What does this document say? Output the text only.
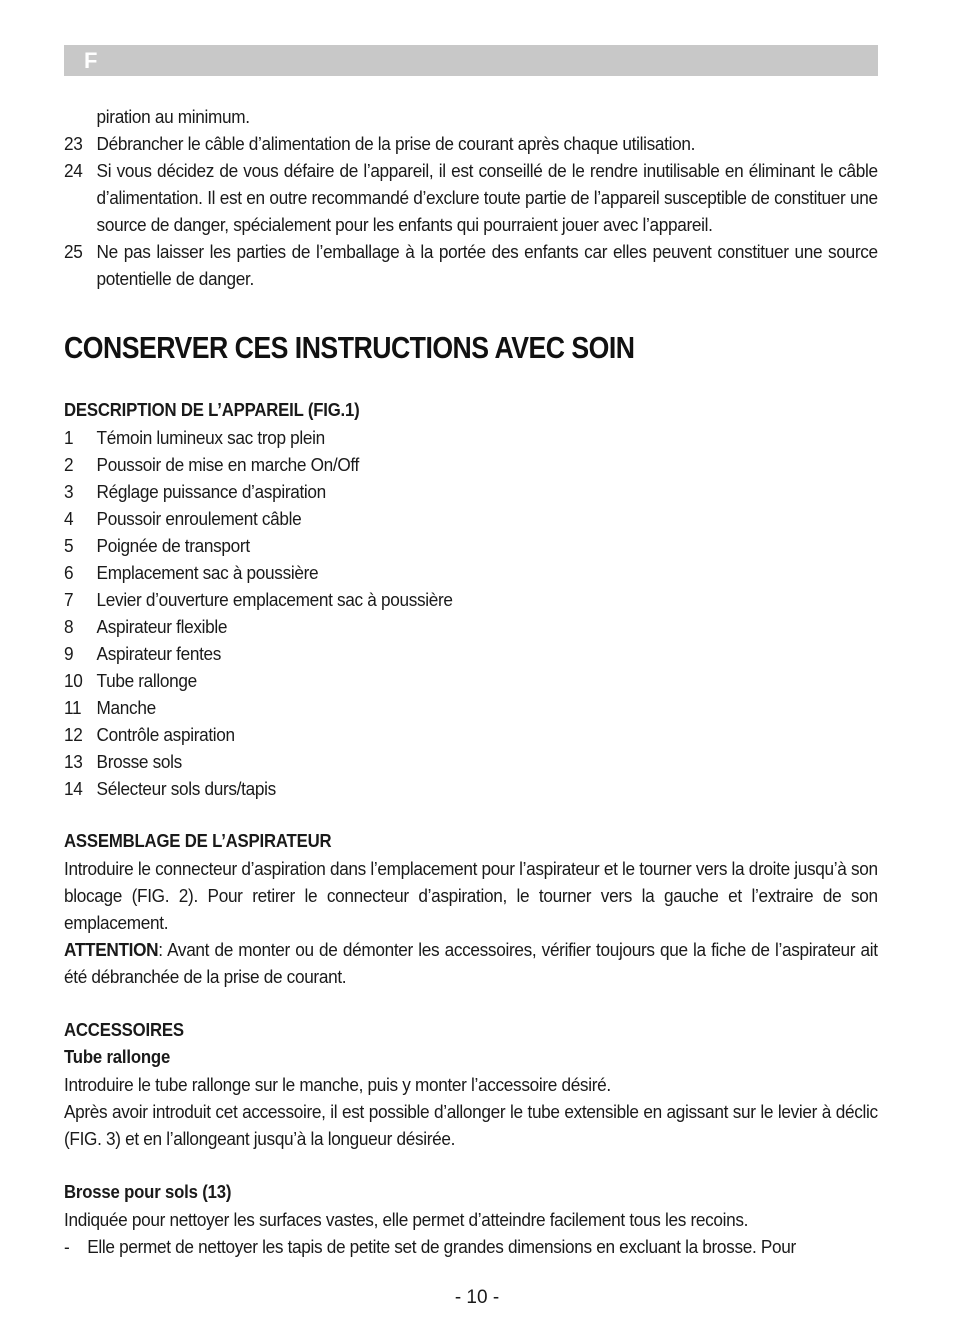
F
piration au minimum.
23 Débrancher le câble d’alimentation de la prise de courant après chaque utilisation.
24 Si vous décidez de vous défaire de l’appareil, il est conseillé de le rendre inutilisable en éliminant le câble d’alimentation. Il est en outre recommandé d’exclure toute partie de l’appareil susceptible de constituer une source de danger, spécialement pour les enfants qui pourraient jouer avec l’appareil.
25 Ne pas laisser les parties de l’emballage à la portée des enfants car elles peuvent constituer une source potentielle de danger.
CONSERVER CES INSTRUCTIONS AVEC SOIN
DESCRIPTION DE L’APPAREIL (FIG.1)
1	Témoin lumineux sac trop plein
2	Poussoir de mise en marche On/Off
3	Réglage puissance d’aspiration
4	Poussoir enroulement câble
5	Poignée de transport
6	Emplacement sac à poussière
7	Levier d’ouverture emplacement sac à poussière
8	Aspirateur flexible
9	Aspirateur fentes
10 Tube rallonge
11 Manche
12 Contrôle aspiration
13 Brosse sols
14 Sélecteur sols durs/tapis
ASSEMBLAGE DE L’ASPIRATEUR
Introduire le connecteur d’aspiration dans l’emplacement pour l’aspirateur et le tourner vers la droite jusqu’à son blocage (FIG. 2). Pour retirer le connecteur d’aspiration, le tourner vers la gauche et l’extraire de son emplacement.
ATTENTION: Avant de monter ou de démonter les accessoires, vérifier toujours que la fiche de l’aspirateur ait été débranchée de la prise de courant.
ACCESSOIRES
Tube rallonge
Introduire le tube rallonge sur le manche, puis y monter l’accessoire désiré.
Après avoir introduit cet accessoire, il est possible d’allonger le tube extensible en agissant sur le levier à déclic (FIG. 3) et en l’allongeant jusqu’à la longueur désirée.
Brosse pour sols (13)
Indiquée pour nettoyer les surfaces vastes, elle permet d’atteindre facilement tous les recoins.
- Elle permet de nettoyer les tapis de petite set de grandes dimensions en excluant la brosse. Pour
- 10 -
